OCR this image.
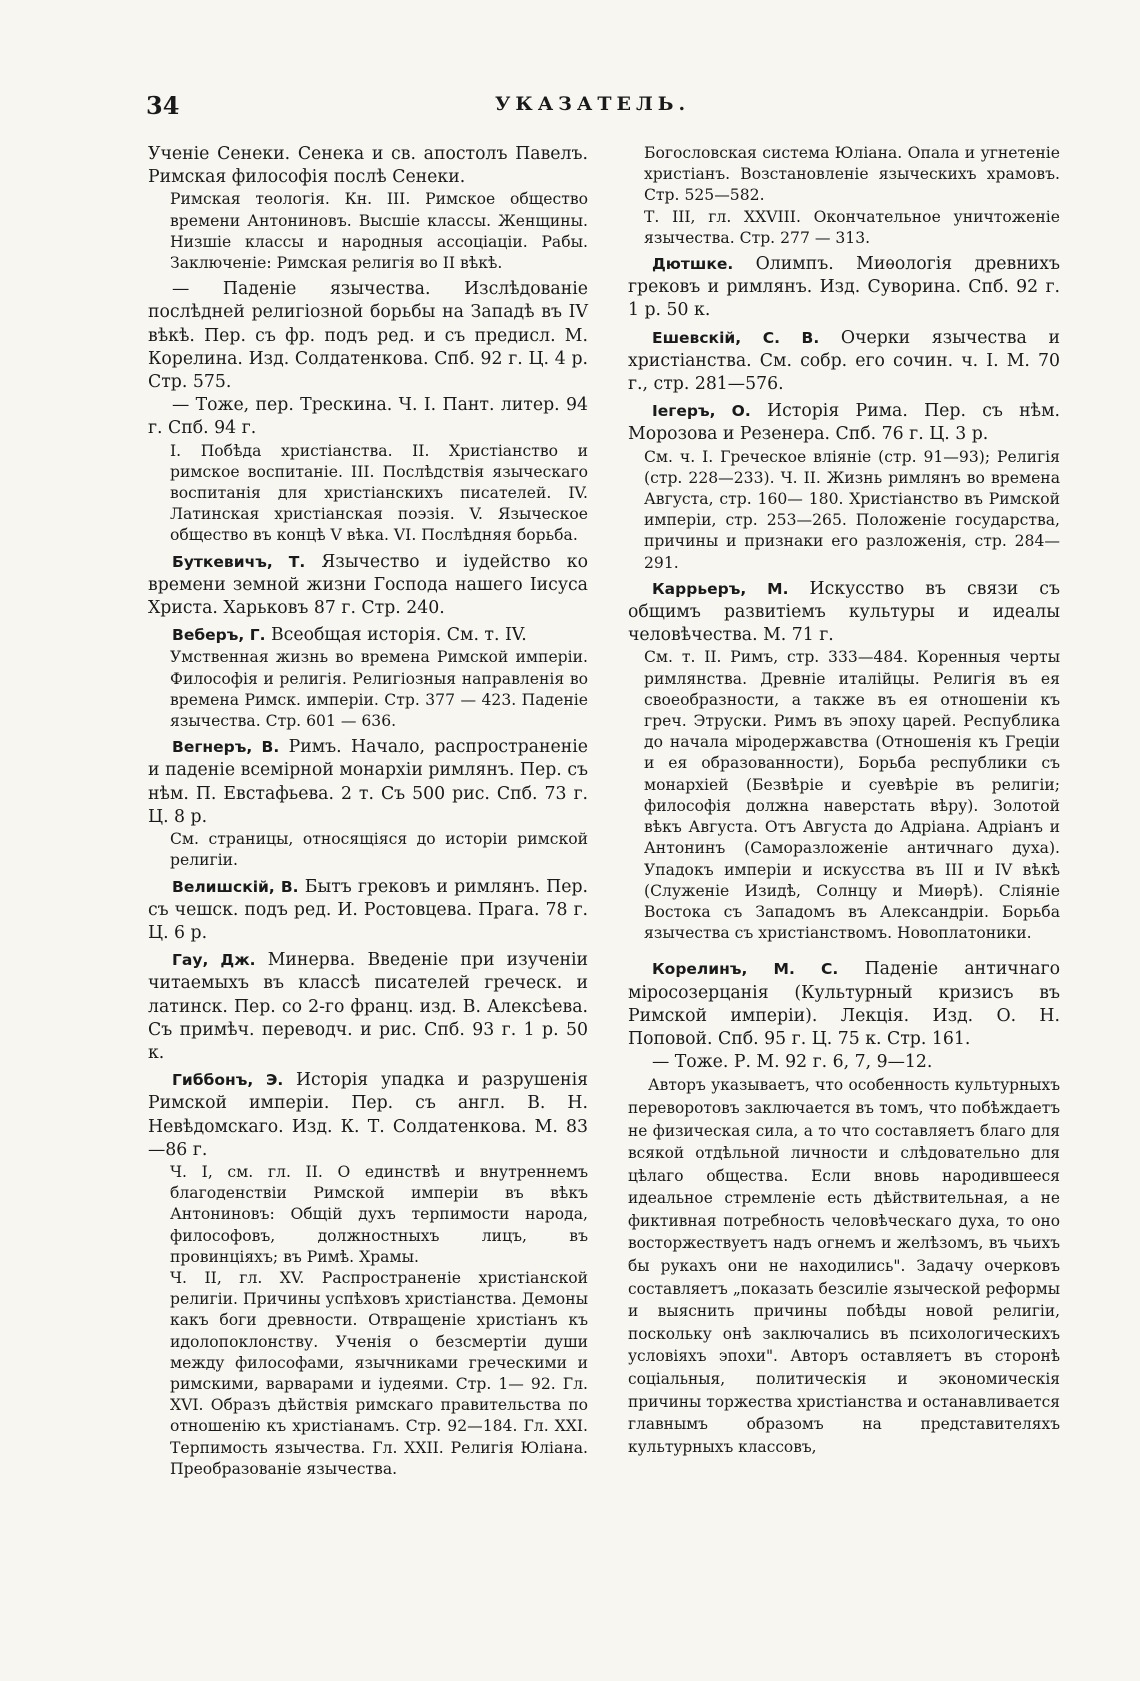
34	УКАЗАТЕЛЬ.

Ученіе Сенеки. Сенека и св. апостолъ Павелъ. Римская философія послѣ Сенеки.

Римская теологія. Кн. III. Римское общество времени Антониновъ. Высшіе классы. Женщины. Низшіе классы и народныя ассоціаціи. Рабы. Заключеніе: Римская религія во II вѣкѣ.

— Паденіе язычества. Изслѣдованіе послѣдней религіозной борьбы на Западѣ въ IV вѣкѣ. Пер. съ фр. подъ ред. и съ предисл. М. Корелина. Изд. Солдатенкова. Спб. 92 г. Ц. 4 р. Стр. 575.

— Тоже, пер. Трескина. Ч. I. Пант. литер. 94 г. Спб. 94 г.

I. Побѣда христіанства. II. Христіанство и римское воспитаніе. III. Послѣдствія языческаго воспитанія для христіанскихъ писателей. IV. Латинская христіанская поэзія. V. Языческое общество въ концѣ V вѣка. VI. Послѣдняя борьба.

Буткевичъ, Т. Язычество и іудейство ко времени земной жизни Господа нашего Іисуса Христа. Харьковъ 87 г. Стр. 240.

Веберъ, Г. Всеобщая исторія. См. т. IV.

Умственная жизнь во времена Римской имперіи. Философія и религія. Религіозныя направленія во времена Римск. имперіи. Стр. 377 — 423. Паденіе язычества. Стр. 601 — 636.

Вегнеръ, В. Римъ. Начало, распространеніе и паденіе всемірной монархіи римлянъ. Пер. съ нѣм. П. Евстафьева. 2 т. Съ 500 рис. Спб. 73 г. Ц. 8 р.

См. страницы, относящіяся до исторіи римской религіи.

Велишскій, В. Бытъ грековъ и римлянъ. Пер. съ чешск. подъ ред. И. Ростовцева. Прага. 78 г. Ц. 6 р.

Гау, Дж. Минерва. Введеніе при изученіи читаемыхъ въ классѣ писателей греческ. и латинск. Пер. со 2-го франц. изд. В. Алексѣева. Съ примѣч. переводч. и рис. Спб. 93 г. 1 р. 50 к.

Гиббонъ, Э. Исторія упадка и разрушенія Римской имперіи. Пер. съ англ. В. Н. Невѣдомскаго. Изд. К. Т. Солдатенкова. М. 83—86 г.

Ч. I, см. гл. II. О единствѣ и внутреннемъ благоденствіи Римской имперіи въ вѣкъ Антониновъ: Общій духъ терпимости народа, философовъ, должностныхъ лицъ, въ провинціяхъ; въ Римѣ. Храмы.

Ч. II, гл. XV. Распространеніе христіанской религіи. Причины успѣховъ христіанства. Демоны какъ боги древности. Отвращеніе христіанъ къ идолопоклонству. Ученія о безсмертіи души между философами, язычниками греческими и римскими, варварами и іудеями. Стр. 1— 92. Гл. XVI. Образъ дѣйствія римскаго правительства по отношенію къ христіанамъ. Стр. 92—184. Гл. XXI. Терпимость язычества. Гл. XXII. Религія Юліана. Преобразованіе язычества.

Богословская система Юліана. Опала и угнетеніе христіанъ. Возстановленіе языческихъ храмовъ. Стр. 525—582.

Т. III, гл. XXVIII. Окончательное уничтоженіе язычества. Стр. 277 — 313.

Дютшке. Олимпъ. Миѳологія древнихъ грековъ и римлянъ. Изд. Суворина. Спб. 92 г. 1 р. 50 к.

Ешевскій, С. В. Очерки язычества и христіанства. См. собр. его сочин. ч. I. М. 70 г., стр. 281—576.

Іегеръ, О. Исторія Рима. Пер. съ нѣм. Морозова и Резенера. Спб. 76 г. Ц. 3 р.

См. ч. I. Греческое вліяніе (стр. 91—93); Религія (стр. 228—233). Ч. II. Жизнь римлянъ во времена Августа, стр. 160— 180. Христіанство въ Римской имперіи, стр. 253—265. Положеніе государства, причины и признаки его разложенія, стр. 284—291.

Каррьеръ, М. Искусство въ связи съ общимъ развитіемъ культуры и идеалы человѣчества. М. 71 г.

См. т. II. Римъ, стр. 333—484. Коренныя черты римлянства. Древніе италійцы. Религія въ ея своеобразности, а также въ ея отношеніи къ греч. Этруски. Римъ въ эпоху царей. Республика до начала міродержавства (Отношенія къ Греціи и ея образованности), Борьба республики съ монархіей (Безвѣріе и суевѣріе въ религіи; философія должна наверстать вѣру). Золотой вѣкъ Августа. Отъ Августа до Адріана. Адріанъ и Антонинъ (Саморазложеніе античнаго духа). Упадокъ имперіи и искусства въ III и IV вѣкѣ (Служеніе Изидѣ, Солнцу и Миѳрѣ). Сліяніе Востока съ Западомъ въ Александріи. Борьба язычества съ христіанствомъ. Новоплатоники.

Корелинъ, М. С. Паденіе античнаго міросозерцанія (Культурный кризисъ въ Римской имперіи). Лекція. Изд. О. Н. Поповой. Спб. 95 г. Ц. 75 к. Стр. 161.

— Тоже. Р. М. 92 г. 6, 7, 9—12.

Авторъ указываетъ, что особенность культурныхъ переворотовъ заключается въ томъ, что побѣждаетъ не физическая сила, а то что составляетъ благо для всякой отдѣльной личности и слѣдовательно для цѣлаго общества. Если вновь народившееся идеальное стремленіе есть дѣйствительная, а не фиктивная потребность человѣческаго духа, то оно восторжествуетъ надъ огнемъ и желѣзомъ, въ чьихъ бы рукахъ они не находились". Задачу очерковъ составляетъ „показать безсиліе языческой реформы и выяснить причины побѣды новой религіи, поскольку онѣ заключались въ психологическихъ условіяхъ эпохи". Авторъ оставляетъ въ сторонѣ соціальныя, политическія и экономическія причины торжества христіанства и останавливается главнымъ образомъ на представителяхъ культурныхъ классовъ,
